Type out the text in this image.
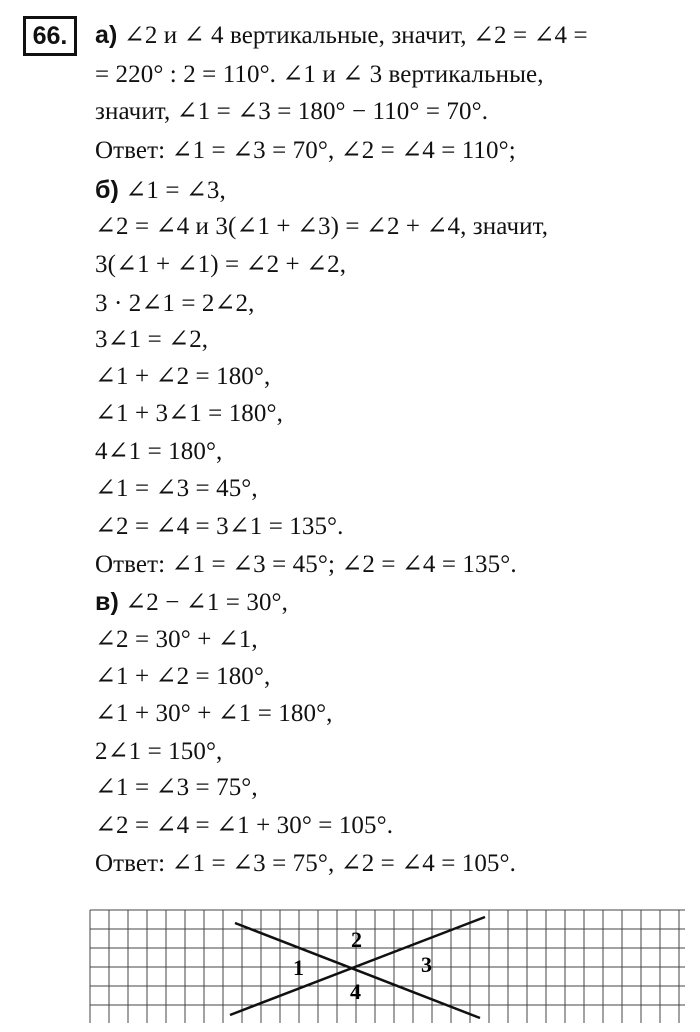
66.	а) ∠2 и ∠ 4 вертикальные, значит, ∠2 = ∠4 =
= 220° : 2 = 110°. ∠1 и ∠ 3 вертикальные,
значит, ∠1 = ∠3 = 180° − 110° = 70°.
Ответ: ∠1 = ∠3 = 70°, ∠2 = ∠4 = 110°;
б) ∠1 = ∠3,
∠2 = ∠4 и 3(∠1 + ∠3) = ∠2 + ∠4, значит,
3(∠1 + ∠1) = ∠2 + ∠2,
3 · 2∠1 = 2∠2,
3∠1 = ∠2,
∠1 + ∠2 = 180°,
∠1 + 3∠1 = 180°,
4∠1 = 180°,
∠1 = ∠3 = 45°,
∠2 = ∠4 = 3∠1 = 135°.
Ответ: ∠1 = ∠3 = 45°; ∠2 = ∠4 = 135°.
в) ∠2 − ∠1 = 30°,
∠2 = 30° + ∠1,
∠1 + ∠2 = 180°,
∠1 + 30° + ∠1 = 180°,
2∠1 = 150°,
∠1 = ∠3 = 75°,
∠2 = ∠4 = ∠1 + 30° = 105°.
Ответ: ∠1 = ∠3 = 75°, ∠2 = ∠4 = 105°.
1
2
3
4
